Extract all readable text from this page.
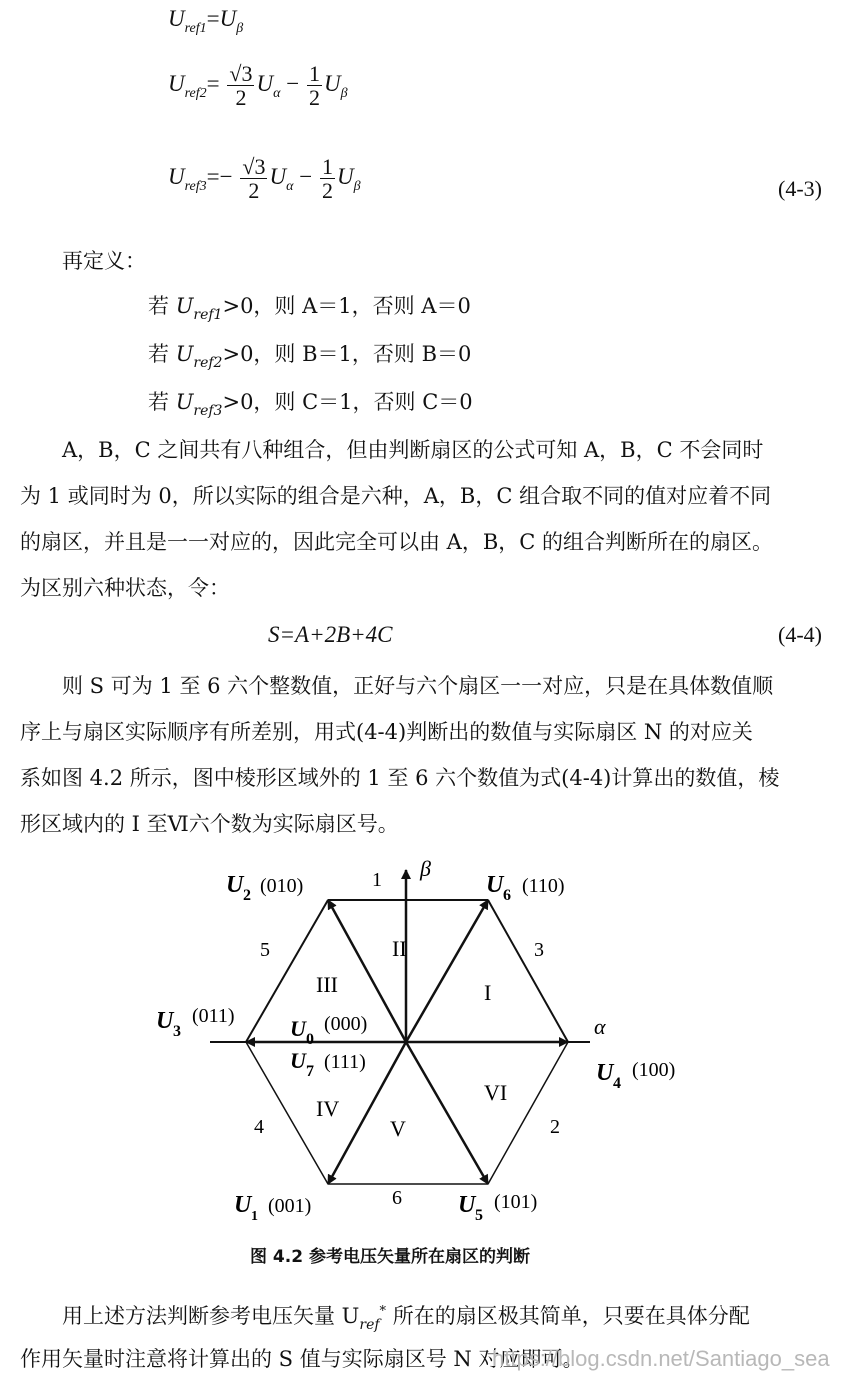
$U_{ref1}=U_\beta$
$U_{ref2}= \frac{√3}{2} U_\alpha - \frac{1}{2} U_\beta$
$U_{ref3}=- \frac{√3}{2} U_\alpha - \frac{1}{2} U_\beta$	(4-3)
再定义：
若 $U_{ref1}>0$，则 A＝1，否则 A＝0
若 $U_{ref2}>0$，则 B＝1，否则 B＝0
若 $U_{ref3}>0$，则 C＝1，否则 C＝0
　　A，B，C 之间共有八种组合，但由判断扇区的公式可知 A，B，C 不会同时
为 1 或同时为 0，所以实际的组合是六种，A，B，C 组合取不同的值对应着不同
的扇区，并且是一一对应的，因此完全可以由 A，B，C 的组合判断所在的扇区。
为区别六种状态，令：
S=A+2B+4C	(4-4)
　　则 S 可为 1 至 6 六个整数值，正好与六个扇区一一对应，只是在具体数值顺
序上与扇区实际顺序有所差别，用式(4-4)判断出的数值与实际扇区 N 的对应关
系如图 4.2 所示，图中棱形区域外的 1 至 6 六个数值为式(4-4)计算出的数值，棱
形区域内的 I 至Ⅵ六个数为实际扇区号。
β
α
U 2 (010)	U 6 (110)
U 3
(011)
U 4
(100)
U 1 (001)	U 5
(101)
U 0
(000)
U 7 (111)
1
3
5
4	2
6
I
II
III
IV
V
VI
图 4.2 参考电压矢量所在扇区的判断
　　用上述方法判断参考电压矢量 $U_{ref}^*$ 所在的扇区极其简单，只要在具体分配
作用矢量时注意将计算出的 S 值与实际扇区号 N 对应即可。
https://blog.csdn.net/Santiago_sea
